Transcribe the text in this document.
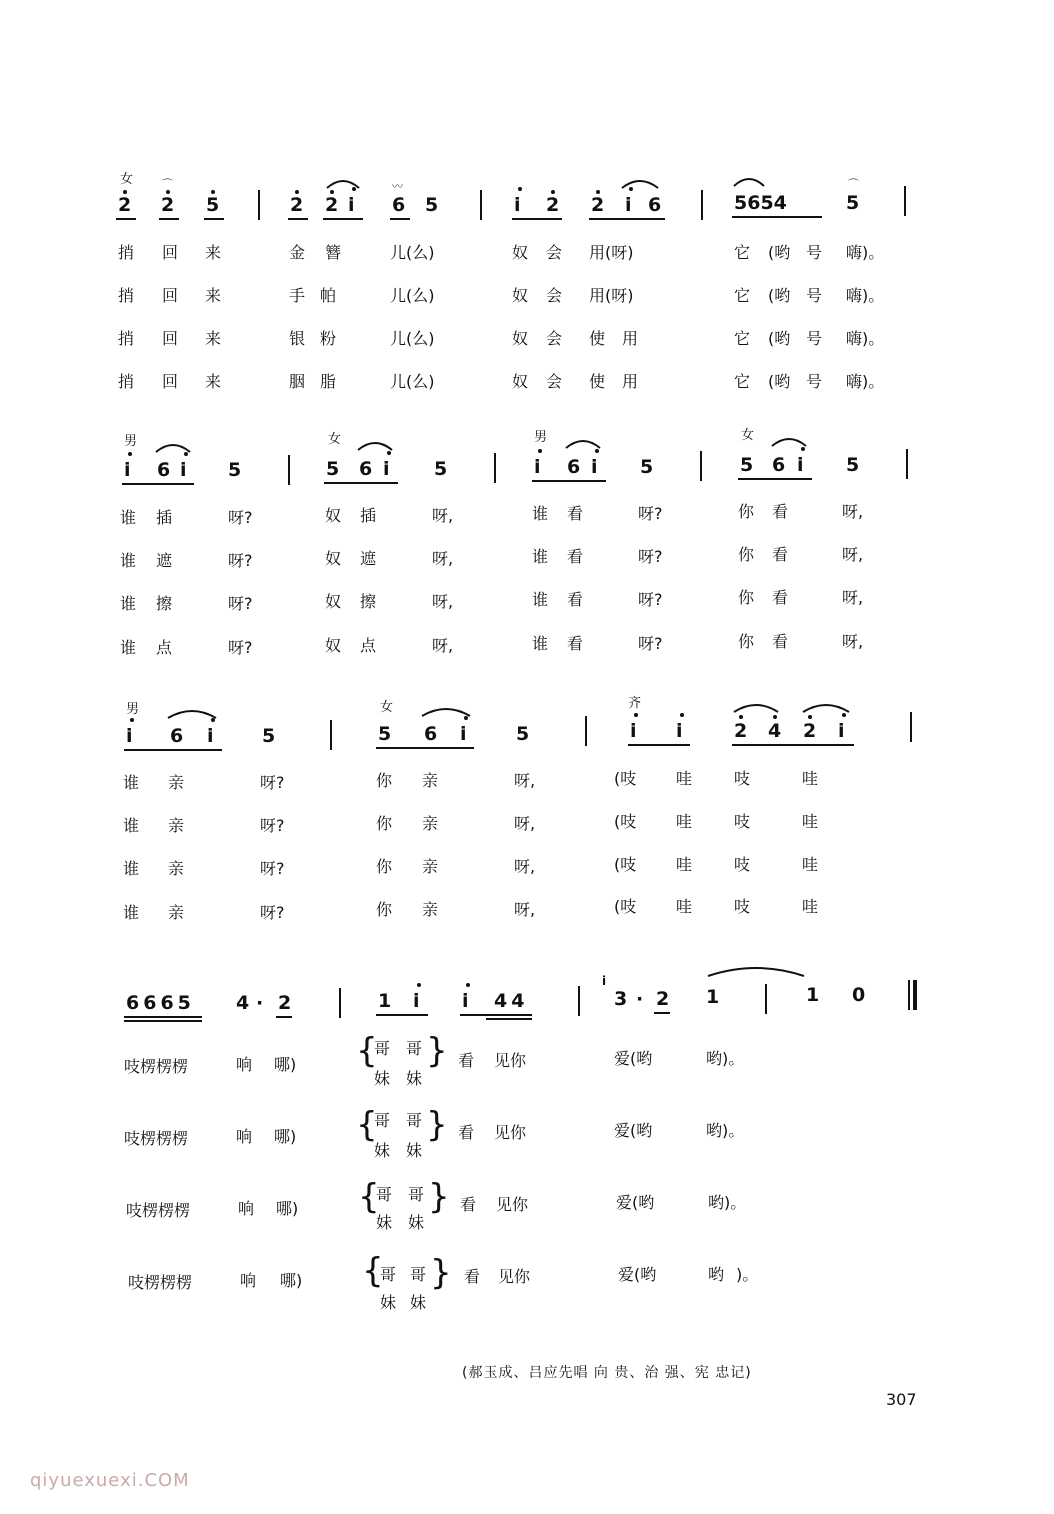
女
2 2 5
⌒
2 2 i 6 5
〰
i 2 2 i 6	5654	5
⌒
捎 回 来	金 簪	儿(么)	奴 会 用(呀)	它 (哟 号 嗨)。
捎 回 来	手 帕	儿(么)	奴 会 用(呀)	它 (哟 号 嗨)。
捎 回 来	银 粉	儿(么)	奴 会 使 用	它 (哟 号 嗨)。
捎 回 来	胭 脂	儿(么)	奴 会 使 用	它 (哟 号 嗨)。
男	女	男	女
i 6 i 5	5 6 i 5	i 6 i 5	5 6 i 5
谁 插	呀?	奴 插	呀,	谁 看	呀?	你 看	呀,
谁 遮	呀?	奴 遮	呀,	谁 看	呀?	你 看	呀,
谁 擦	呀?	奴 擦	呀,	谁 看	呀?	你 看	呀,
谁 点	呀?	奴 点	呀,	谁 看	呀?	你 看	呀,
男	女	齐
i 6 i	5	5 6 i	5	i i	2 4 2 i
谁 亲	呀?	你 亲	呀,	(吱 哇	吱	哇
谁 亲	呀?	你 亲	呀,	(吱 哇	吱	哇
谁 亲	呀?	你 亲	呀,	(吱 哇	吱	哇
谁 亲	呀?	你 亲	呀,	(吱 哇	吱	哇
6665 4 · 2	1 i i 44
i
3 · 2 1	1 0
吱楞楞楞	响 哪) {
哥 哥
妹 妹
} 看 见你	爱(哟	哟)。
吱楞楞楞	响 哪) {
哥 哥
妹 妹
} 看 见你	爱(哟	哟)。
吱楞楞楞	响 哪) {
哥 哥
妹 妹
} 看 见你	爱(哟	哟)。
吱楞楞楞	响 哪) {
哥 哥
妹 妹
} 看 见你	爱(哟	哟 )。
(郝玉成、吕应先唱 向 贵、治 强、宪 忠记)
307
qiyuexuexi.COM
